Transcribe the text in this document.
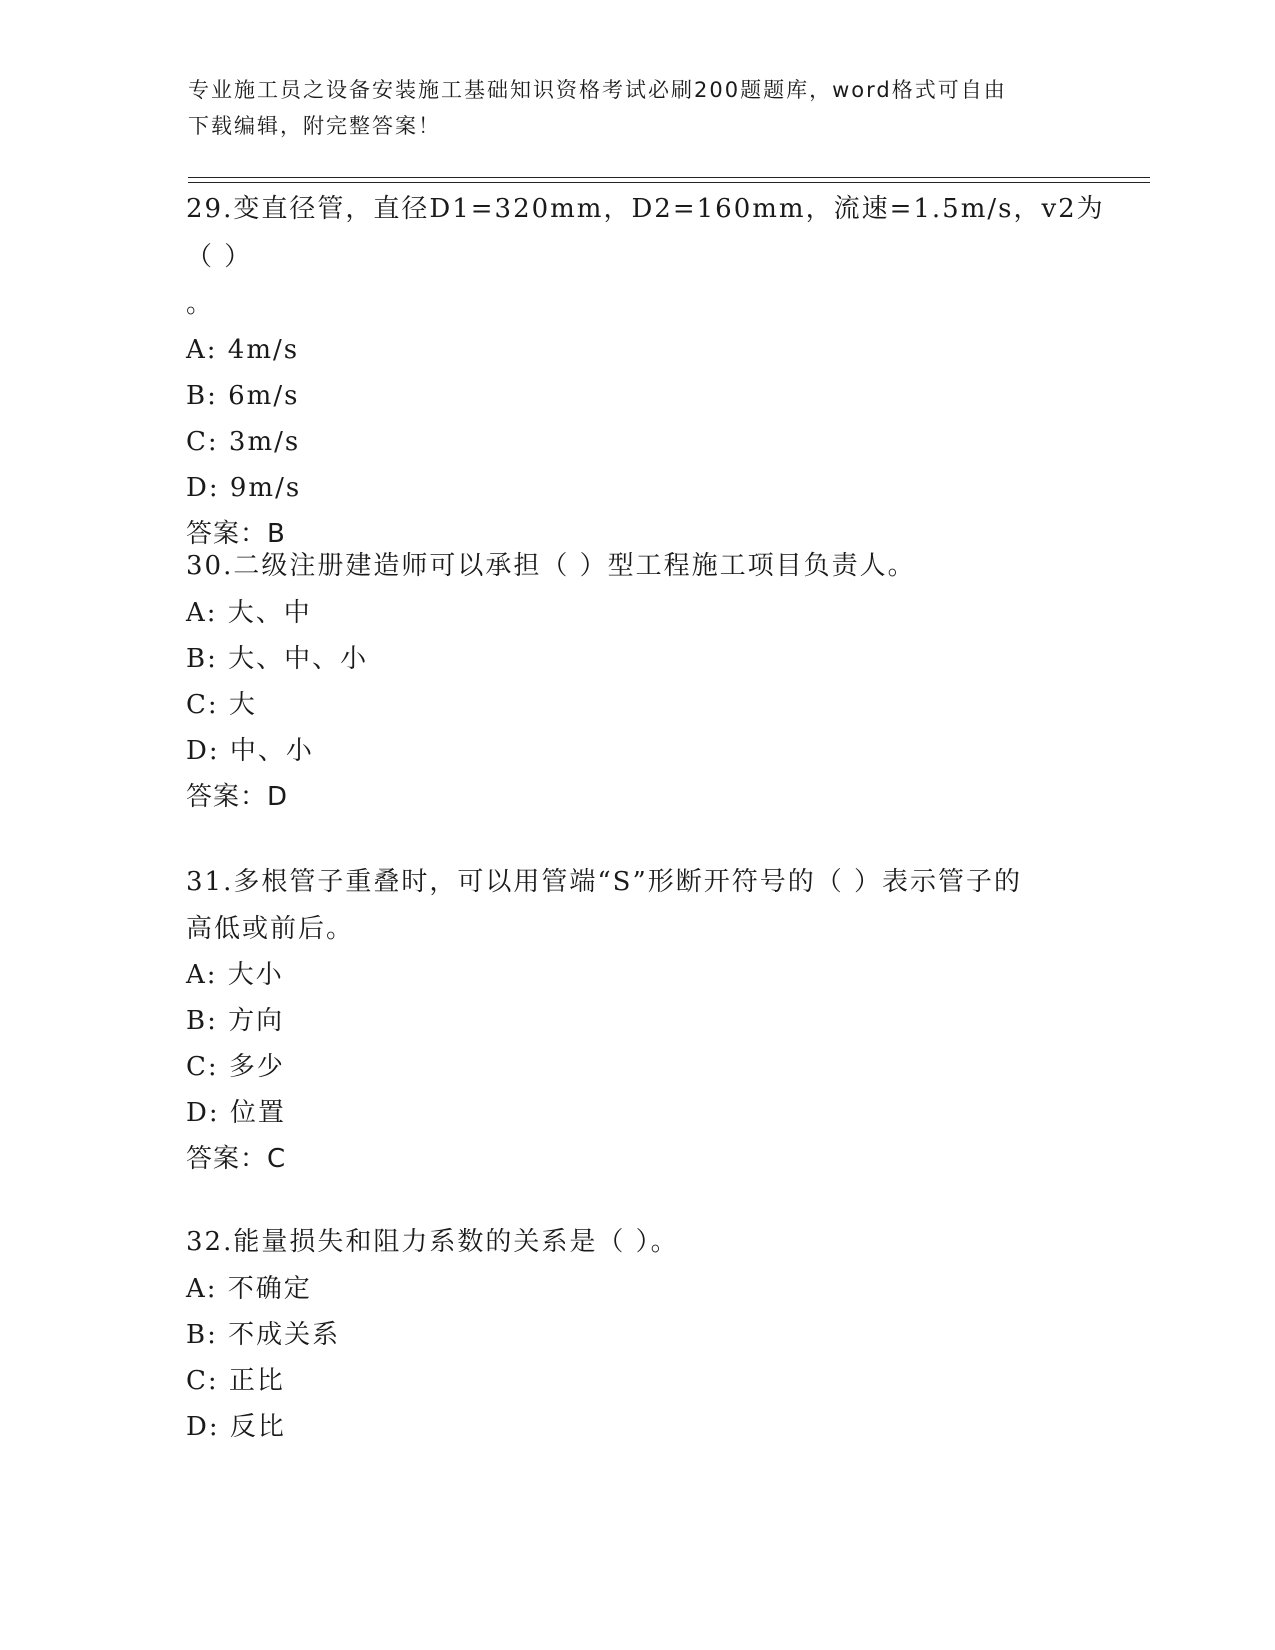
专业施工员之设备安装施工基础知识资格考试必刷200题题库，word格式可自由
下载编辑，附完整答案！

29.变直径管，直径D1=320mm，D2=160mm，流速=1.5m/s，v2为（ ）

。

A: 4m/s

B: 6m/s

C: 3m/s

D: 9m/s

答案：B

30.二级注册建造师可以承担（ ）型工程施工项目负责人。

A: 大、中

B: 大、中、小

C: 大

D: 中、小

答案：D

31.多根管子重叠时，可以用管端“S”形断开符号的（ ）表示管子的

高低或前后。

A: 大小

B: 方向

C: 多少

D: 位置

答案：C

32.能量损失和阻力系数的关系是（ ）。

A: 不确定

B: 不成关系

C: 正比

D: 反比
